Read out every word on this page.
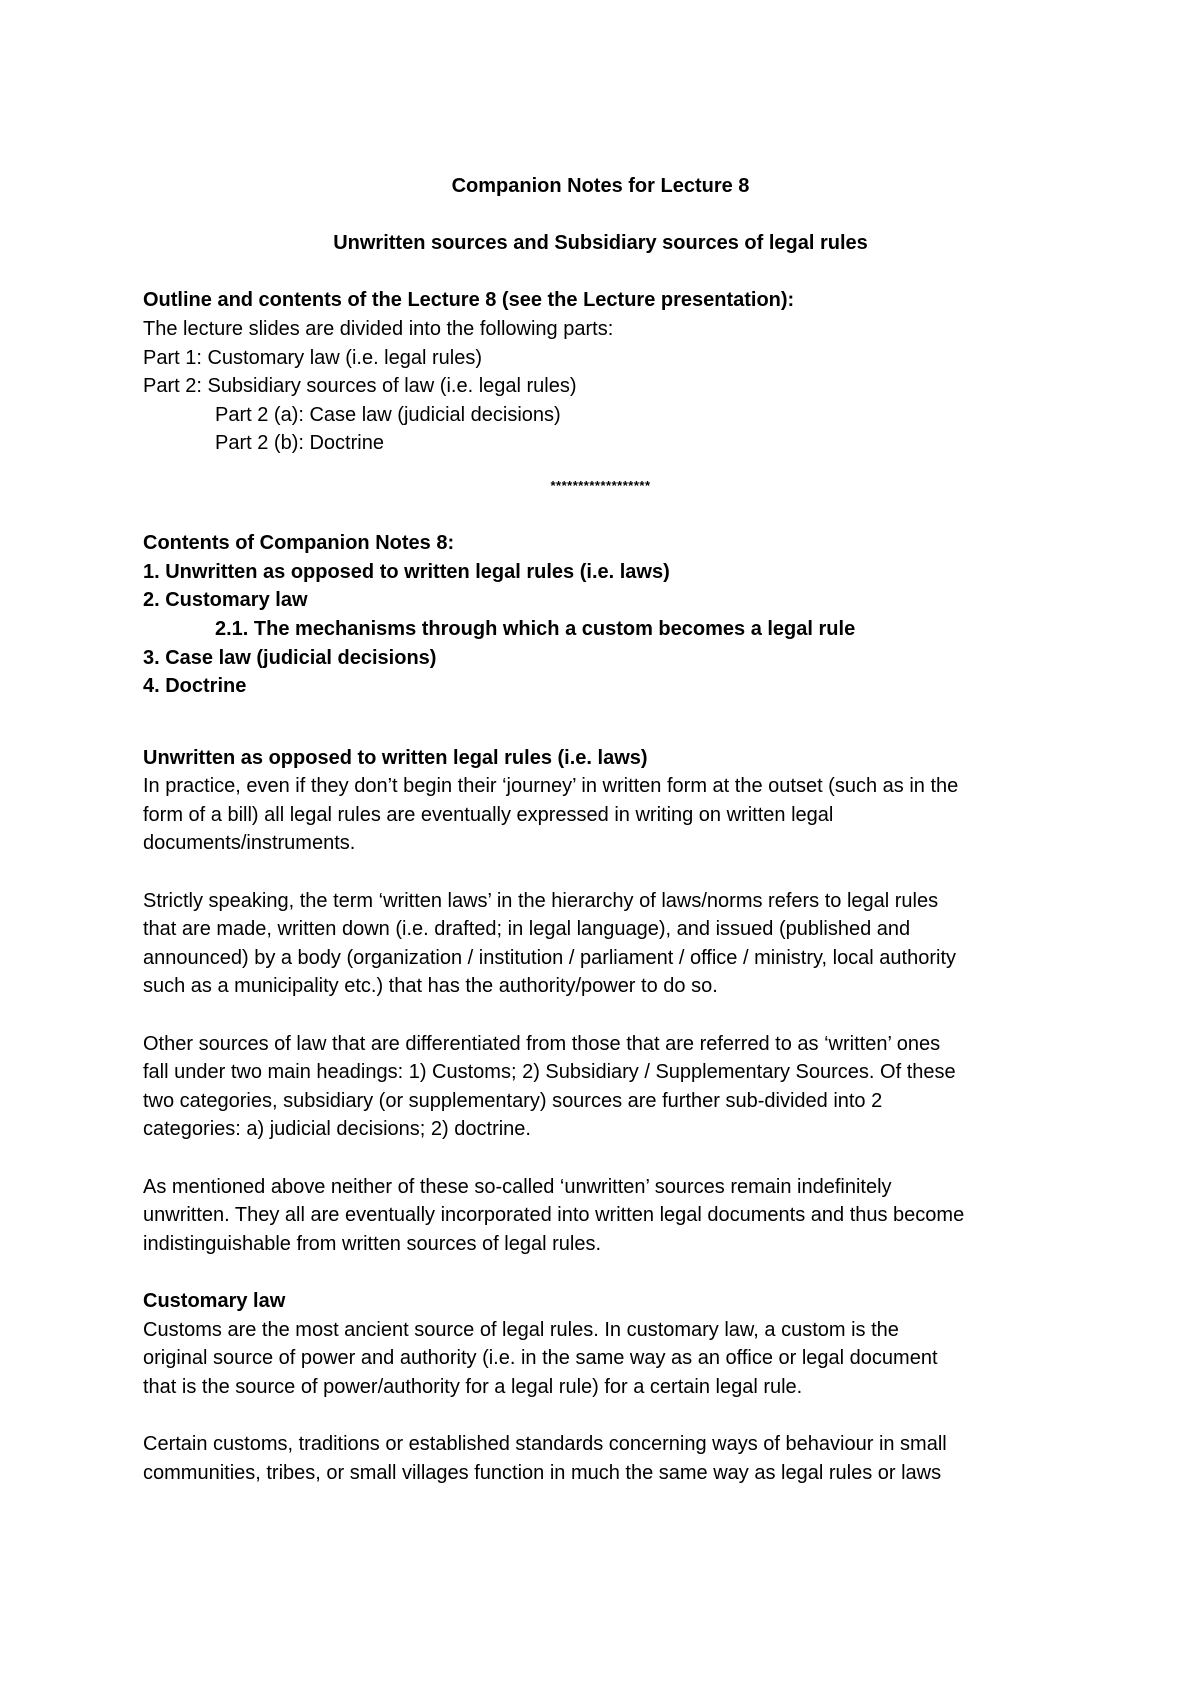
Companion Notes for Lecture 8

Unwritten sources and Subsidiary sources of legal rules

Outline and contents of the Lecture 8 (see the Lecture presentation):

The lecture slides are divided into the following parts:

Part 1: Customary law (i.e. legal rules)

Part 2: Subsidiary sources of law (i.e. legal rules)

Part 2 (a): Case law (judicial decisions)

Part 2 (b): Doctrine

******************

Contents of Companion Notes 8:

1. Unwritten as opposed to written legal rules (i.e. laws)

2. Customary law

2.1. The mechanisms through which a custom becomes a legal rule

3. Case law (judicial decisions)

4. Doctrine

Unwritten as opposed to written legal rules (i.e. laws)

In practice, even if they don’t begin their ‘journey’ in written form at the outset (such as in the

form of a bill) all legal rules are eventually expressed in writing on written legal

documents/instruments.

Strictly speaking, the term ‘written laws’ in the hierarchy of laws/norms refers to legal rules

that are made, written down (i.e. drafted; in legal language), and issued (published and

announced) by a body (organization / institution / parliament / office / ministry, local authority

such as a municipality etc.) that has the authority/power to do so.

Other sources of law that are differentiated from those that are referred to as ‘written’ ones

fall under two main headings: 1) Customs; 2) Subsidiary / Supplementary Sources. Of these

two categories, subsidiary (or supplementary) sources are further sub-divided into 2

categories: a) judicial decisions; 2) doctrine.

As mentioned above neither of these so-called ‘unwritten’ sources remain indefinitely

unwritten. They all are eventually incorporated into written legal documents and thus become

indistinguishable from written sources of legal rules.

Customary law

Customs are the most ancient source of legal rules. In customary law, a custom is the

original source of power and authority (i.e. in the same way as an office or legal document

that is the source of power/authority for a legal rule) for a certain legal rule.

Certain customs, traditions or established standards concerning ways of behaviour in small

communities, tribes, or small villages function in much the same way as legal rules or laws
